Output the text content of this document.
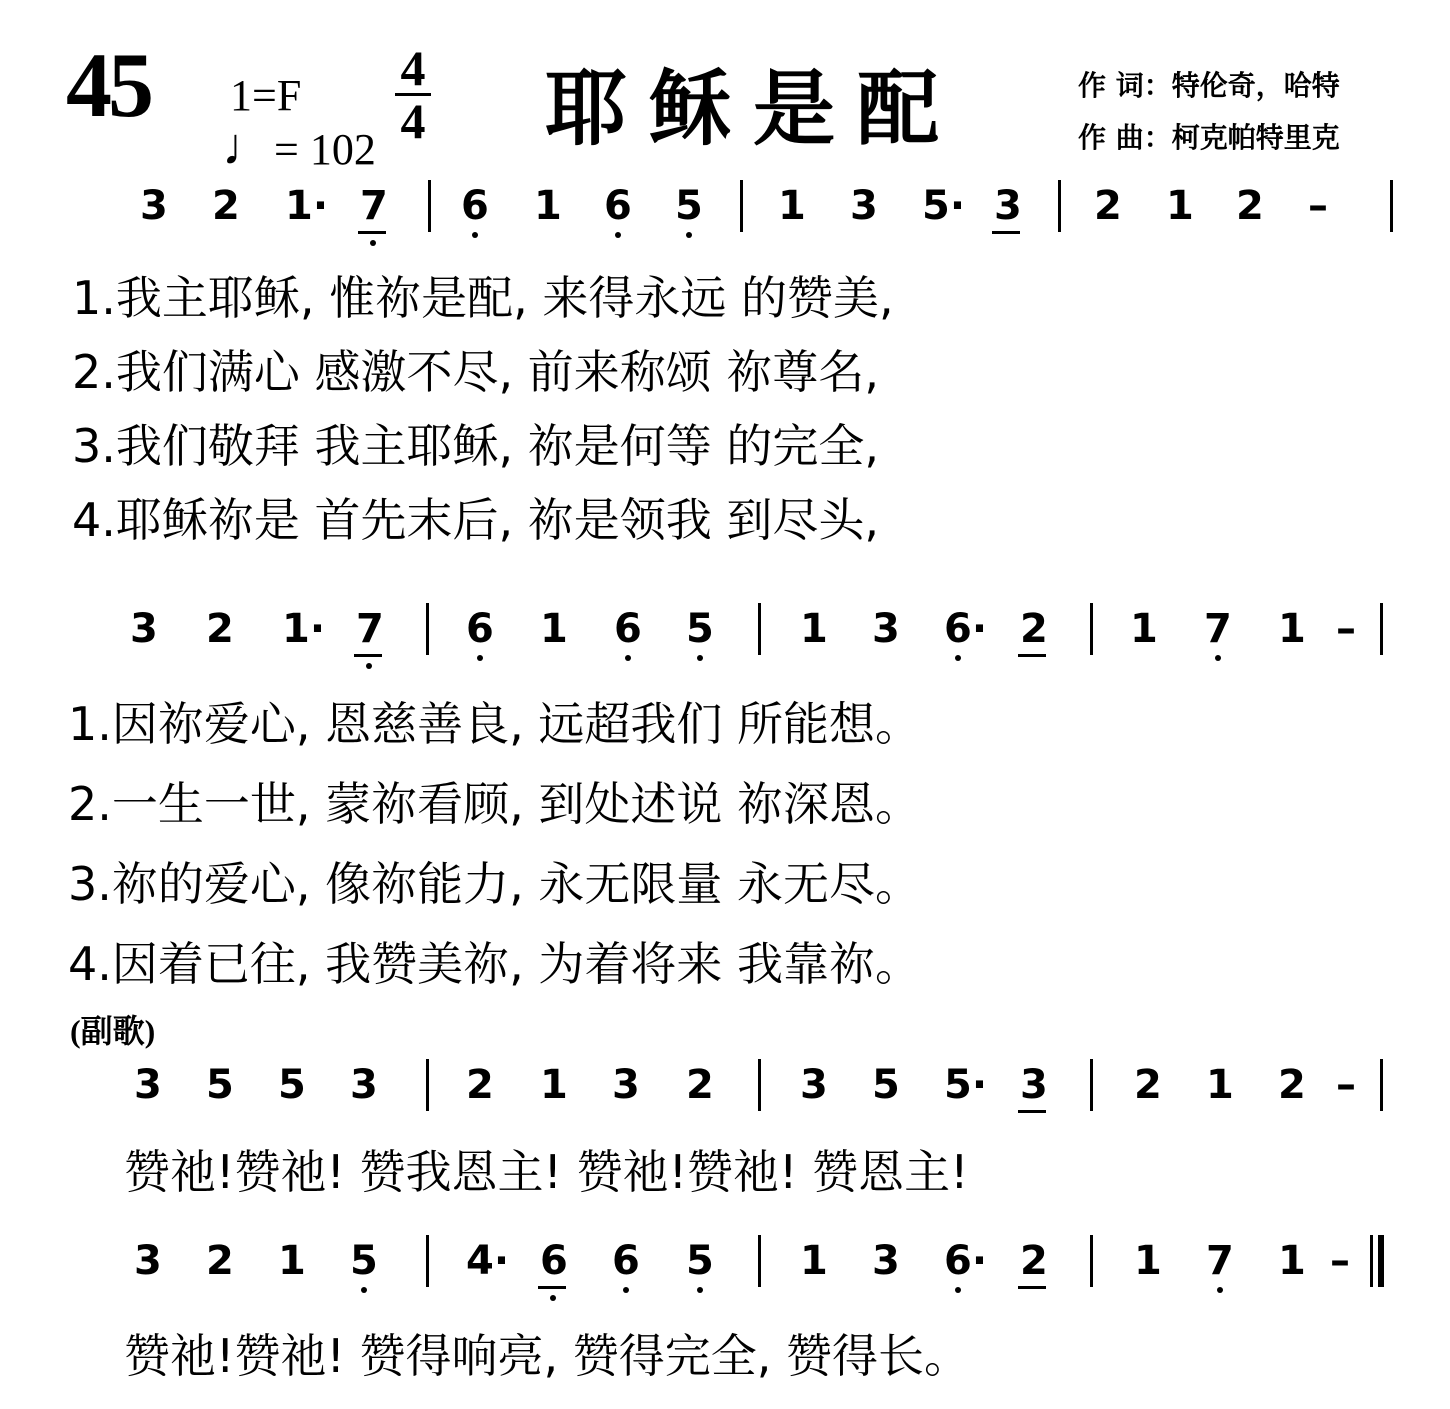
45 1=F
♩= 102
4
4 耶稣是配	作 词：特伦奇，哈特
作 曲：柯克帕特里克
3 2 1· 7 6 1 6 5 1 3 5· 3 2 1 2 –
1.我主耶稣, 惟祢是配, 来得永远 的赞美,
2.我们满心 感激不尽, 前来称颂 祢尊名,
3.我们敬拜 我主耶稣, 祢是何等 的完全,
4.耶稣祢是 首先末后, 祢是领我 到尽头,
3 2 1· 7 6 1 6 5 1 3 6· 2 1 7 1 –
1.因祢爱心, 恩慈善良, 远超我们 所能想。
2.一生一世, 蒙祢看顾, 到处述说 祢深恩。
3.祢的爱心, 像祢能力, 永无限量 永无尽。
4.因着已往, 我赞美祢, 为着将来 我靠祢。
(副歌)
3 5 5 3 2 1 3 2 3 5 5· 3 2 1 2 –
赞祂!赞祂! 赞我恩主! 赞祂!赞祂! 赞恩主!
3 2 1 5 4· 6 6 5 1 3 6· 2 1 7 1 –
赞祂!赞祂! 赞得响亮, 赞得完全, 赞得长。
